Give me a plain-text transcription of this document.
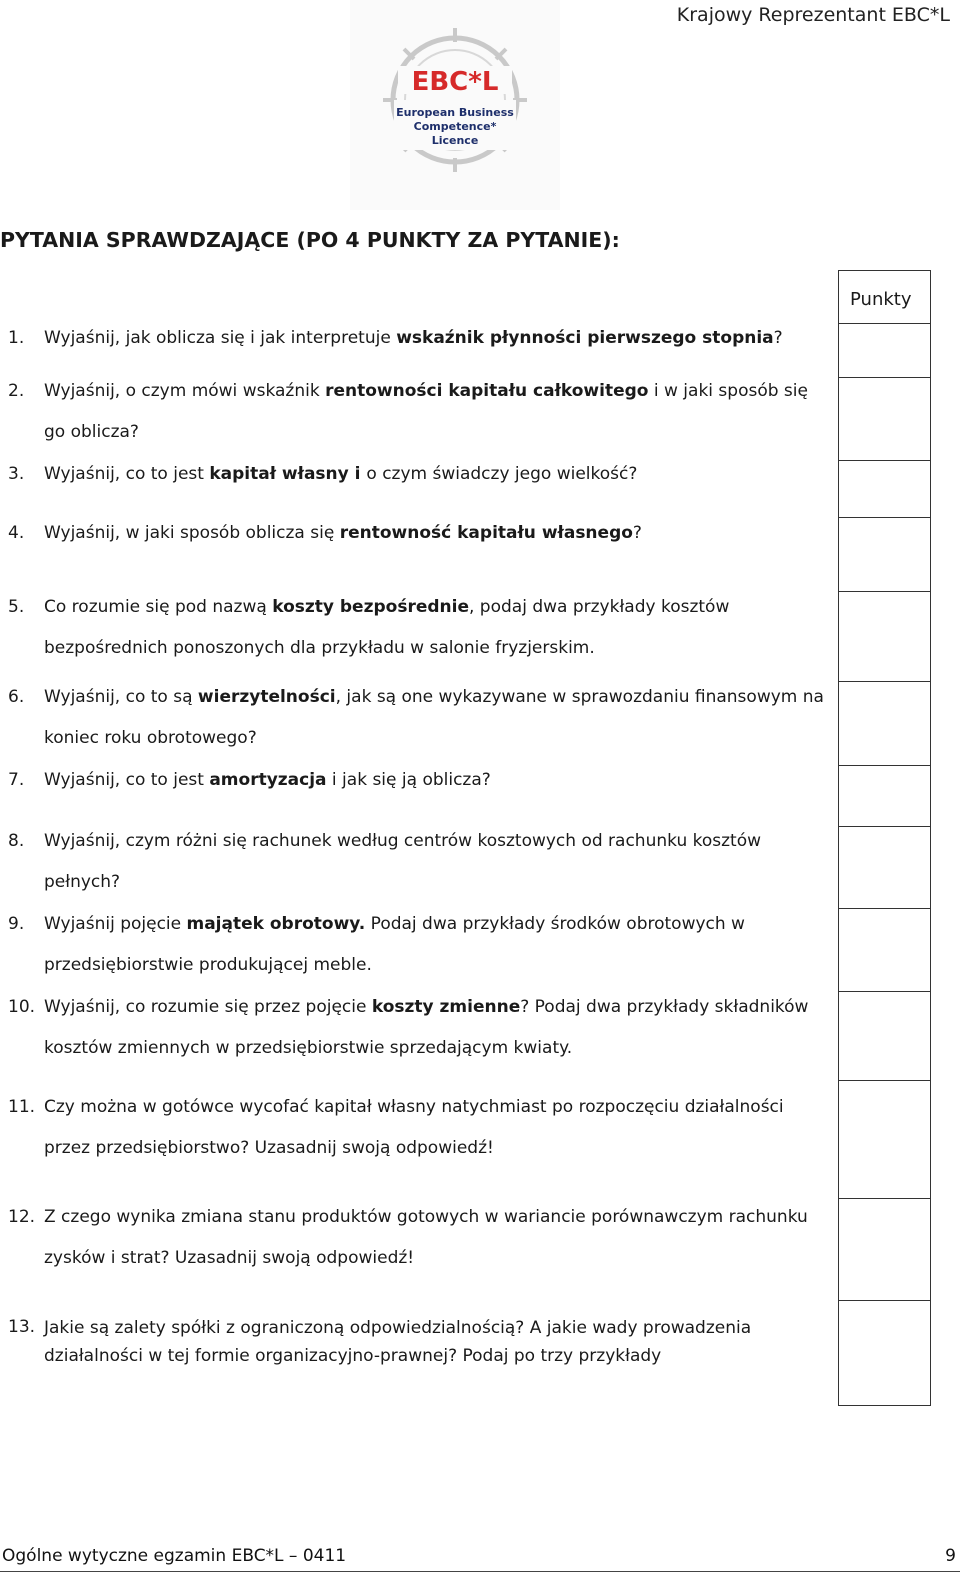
Krajowy Reprezentant EBC*L
EBC*L
European Business
Competence*
Licence
PYTANIA SPRAWDZAJĄCE (PO 4 PUNKTY ZA PYTANIE):
Punkty
1. Wyjaśnij, jak oblicza się i jak interpretuje wskaźnik płynności pierwszego stopnia?
2. Wyjaśnij, o czym mówi wskaźnik rentowności kapitału całkowitego i w jaki sposób się go oblicza?
3. Wyjaśnij, co to jest kapitał własny i o czym świadczy jego wielkość?
4. Wyjaśnij, w jaki sposób oblicza się rentowność kapitału własnego?
5. Co rozumie się pod nazwą koszty bezpośrednie, podaj dwa przykłady kosztów bezpośrednich ponoszonych dla przykładu w salonie fryzjerskim.
6. Wyjaśnij, co to są wierzytelności, jak są one wykazywane w sprawozdaniu finansowym na koniec roku obrotowego?
7. Wyjaśnij, co to jest amortyzacja i jak się ją oblicza?
8. Wyjaśnij, czym różni się rachunek według centrów kosztowych od rachunku kosztów pełnych?
9. Wyjaśnij pojęcie majątek obrotowy. Podaj dwa przykłady środków obrotowych w przedsiębiorstwie produkującej meble.
10. Wyjaśnij, co rozumie się przez pojęcie koszty zmienne? Podaj dwa przykłady składników kosztów zmiennych w przedsiębiorstwie sprzedającym kwiaty.
11. Czy można w gotówce wycofać kapitał własny natychmiast po rozpoczęciu działalności przez przedsiębiorstwo? Uzasadnij swoją odpowiedź!
12. Z czego wynika zmiana stanu produktów gotowych w wariancie porównawczym rachunku zysków i strat? Uzasadnij swoją odpowiedź!
13. Jakie są zalety spółki z ograniczoną odpowiedzialnością? A jakie wady prowadzenia działalności w tej formie organizacyjno-prawnej? Podaj po trzy przykłady
Ogólne wytyczne egzamin EBC*L – 0411	9
